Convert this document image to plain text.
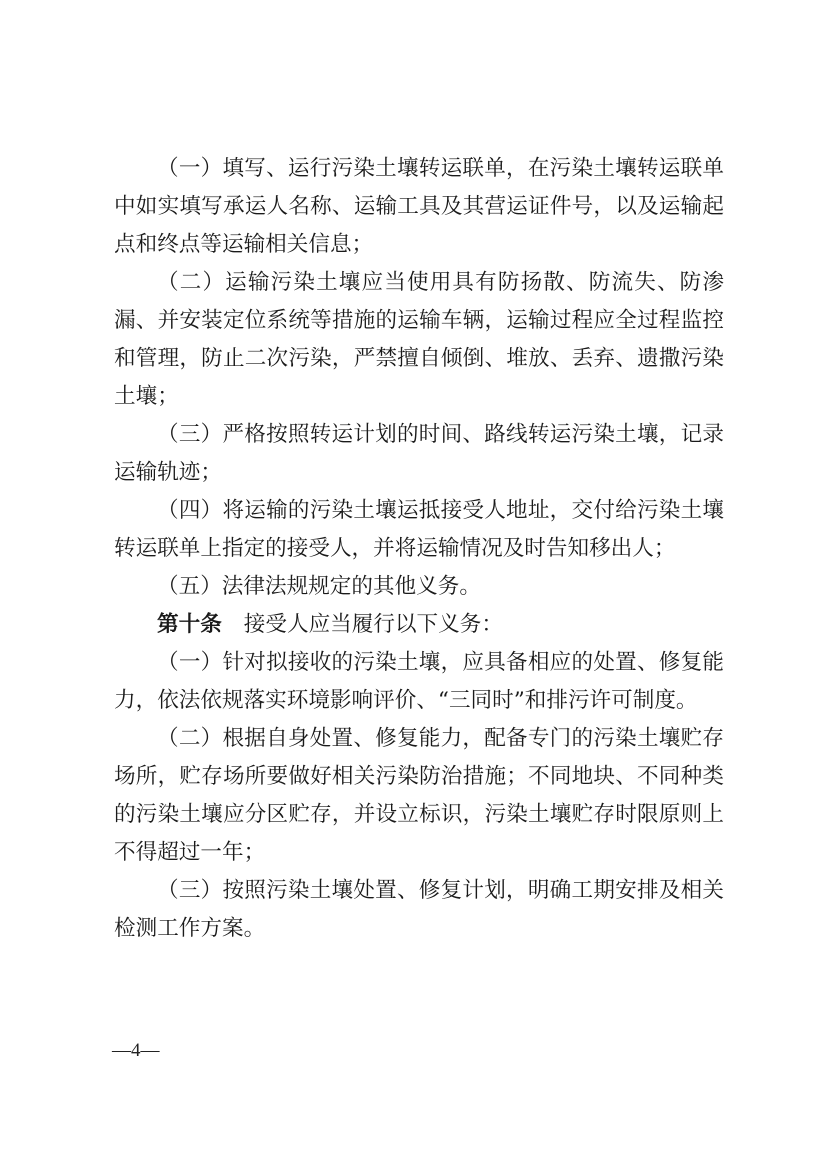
（一）填写、运行污染土壤转运联单，在污染土壤转运联单中如实填写承运人名称、运输工具及其营运证件号，以及运输起点和终点等运输相关信息；

（二）运输污染土壤应当使用具有防扬散、防流失、防渗漏、并安装定位系统等措施的运输车辆，运输过程应全过程监控和管理，防止二次污染，严禁擅自倾倒、堆放、丢弃、遗撒污染土壤；

（三）严格按照转运计划的时间、路线转运污染土壤，记录运输轨迹；

（四）将运输的污染土壤运抵接受人地址，交付给污染土壤转运联单上指定的接受人，并将运输情况及时告知移出人；

（五）法律法规规定的其他义务。

第十条 接受人应当履行以下义务：

（一）针对拟接收的污染土壤，应具备相应的处置、修复能力，依法依规落实环境影响评价、“三同时”和排污许可制度。

（二）根据自身处置、修复能力，配备专门的污染土壤贮存场所，贮存场所要做好相关污染防治措施；不同地块、不同种类的污染土壤应分区贮存，并设立标识，污染土壤贮存时限原则上不得超过一年；

（三）按照污染土壤处置、修复计划，明确工期安排及相关检测工作方案。

—4—
